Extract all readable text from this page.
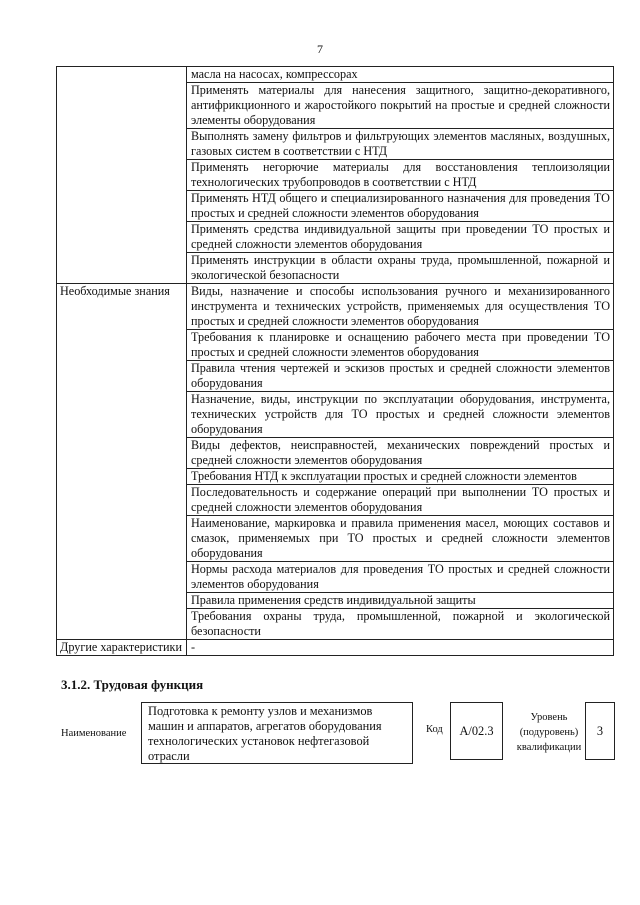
7
	масла на насосах, компрессорах
	Применять материалы для нанесения защитного, защитно-декоративного, антифрикционного и жаростойкого покрытий на простые и средней сложности элементы оборудования
	Выполнять замену фильтров и фильтрующих элементов масляных, воздушных, газовых систем в соответствии с НТД
	Применять негорючие материалы для восстановления теплоизоляции технологических трубопроводов в соответствии с НТД
	Применять НТД общего и специализированного назначения для проведения ТО простых и средней сложности элементов оборудования
	Применять средства индивидуальной защиты при проведении ТО простых и средней сложности элементов оборудования
	Применять инструкции в области охраны труда, промышленной, пожарной и экологической безопасности
Необходимые знания	Виды, назначение и способы использования ручного и механизированного инструмента и технических устройств, применяемых для осуществления ТО простых и средней сложности элементов оборудования
	Требования к планировке и оснащению рабочего места при проведении ТО простых и средней сложности элементов оборудования
	Правила чтения чертежей и эскизов простых и средней сложности элементов оборудования
	Назначение, виды, инструкции по эксплуатации оборудования, инструмента, технических устройств для ТО простых и средней сложности элементов оборудования
	Виды дефектов, неисправностей, механических повреждений простых и средней сложности элементов оборудования
	Требования НТД к эксплуатации простых и средней сложности элементов
	Последовательность и содержание операций при выполнении ТО простых и средней сложности элементов оборудования
	Наименование, маркировка и правила применения масел, моющих составов и смазок, применяемых при ТО простых и средней сложности элементов оборудования
	Нормы расхода материалов для проведения ТО простых и средней сложности элементов оборудования
	Правила применения средств индивидуальной защиты
	Требования охраны труда, промышленной, пожарной и экологической безопасности
Другие характеристики	-
3.1.2. Трудовая функция
Наименование
Подготовка к ремонту узлов и механизмов машин и аппаратов, агрегатов оборудования технологических установок нефтегазовой отрасли
Код	А/02.3
Уровень (подуровень) квалификации
3
